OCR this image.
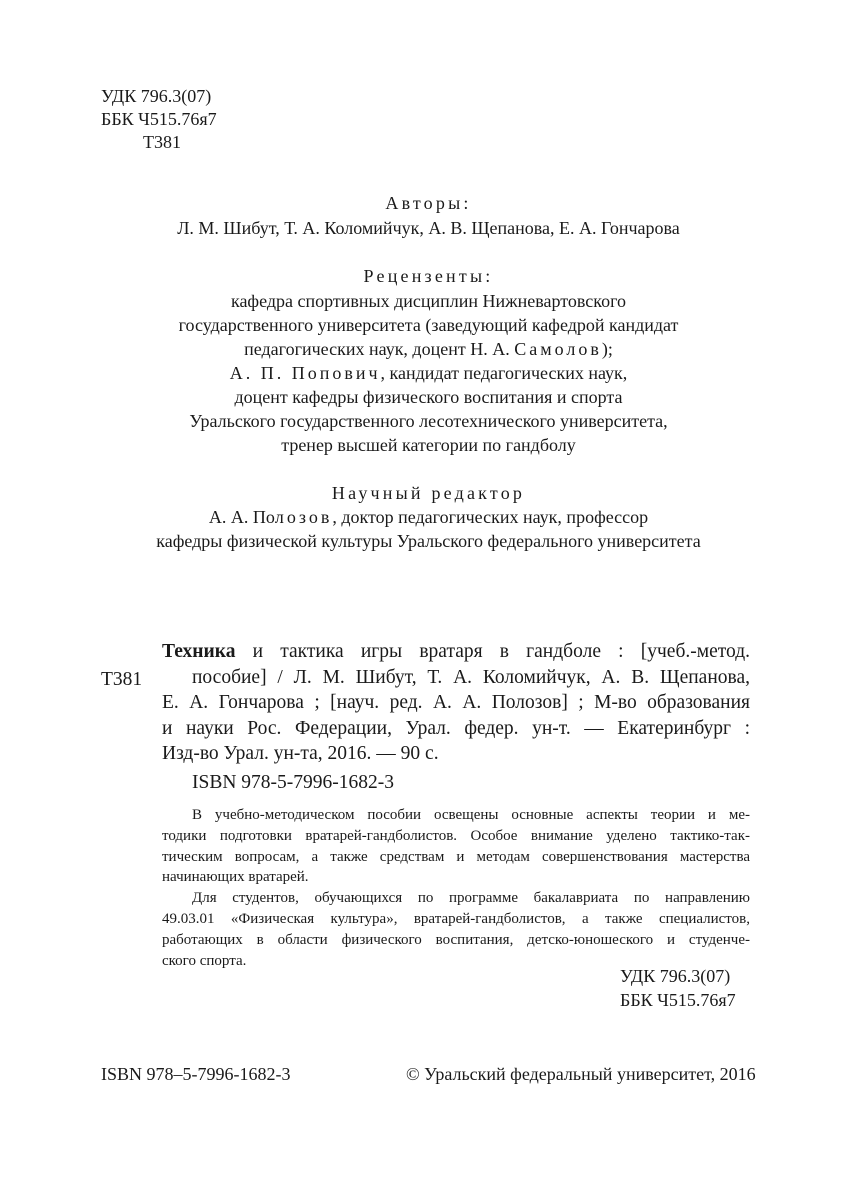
УДК 796.3(07)
ББК Ч515.76я7
Т381
Авторы:
Л. М. Шибут, Т. А. Коломийчук, А. В. Щепанова, Е. А. Гончарова
Рецензенты:
кафедра спортивных дисциплин Нижневартовского
государственного университета (заведующий кафедрой кандидат
педагогических наук, доцент Н. А. Самолов);
А. П. Попович, кандидат педагогических наук,
доцент кафедры физического воспитания и спорта
Уральского государственного лесотехнического университета,
тренер высшей категории по гандболу
Научный редактор
А. А. Полозов, доктор педагогических наук, профессор
кафедры физической культуры Уральского федерального университета
Т381
Техника и тактика игры вратаря в гандболе : [учеб.-метод.
пособие] / Л. М. Шибут, Т. А. Коломийчук, А. В. Щепанова,
Е. А. Гончарова ; [науч. ред. А. А. Полозов] ; М-во образования
и науки Рос. Федерации, Урал. федер. ун-т. — Екатеринбург :
Изд-во Урал. ун-та, 2016. — 90 с.
ISBN 978-5-7996-1682-3

В учебно-методическом пособии освещены основные аспекты теории и ме-
тодики подготовки вратарей-гандболистов. Особое внимание уделено тактико-так-
тическим вопросам, а также средствам и методам совершенствования мастерства
начинающих вратарей.

Для студентов, обучающихся по программе бакалавриата по направлению
49.03.01 «Физическая культура», вратарей-гандболистов, а также специалистов,
работающих в области физического воспитания, детско-юношеского и студенче-
ского спорта.

УДК 796.3(07)
ББК Ч515.76я7
ISBN 978–5-7996-1682-3	© Уральский федеральный университет, 2016
